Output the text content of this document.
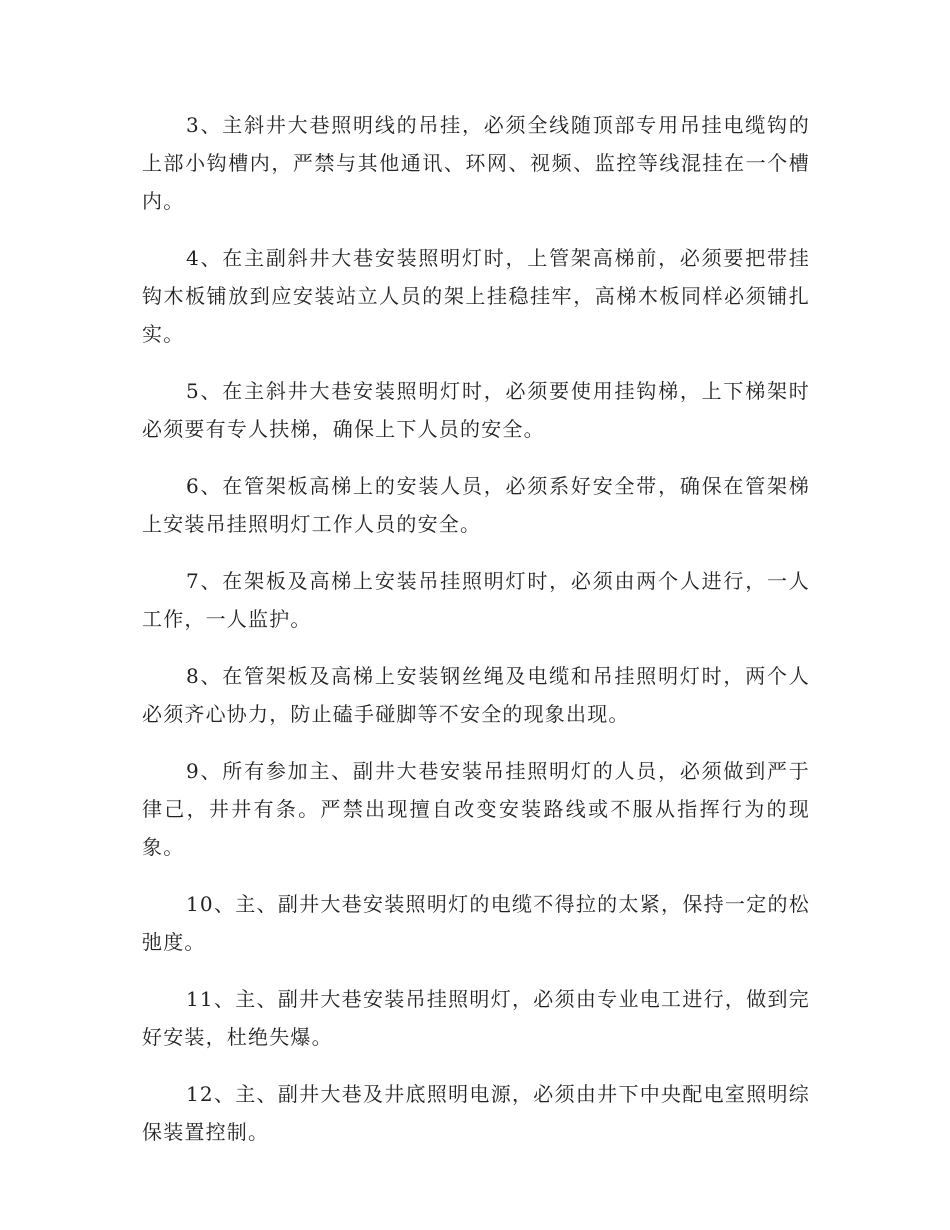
3、主斜井大巷照明线的吊挂，必须全线随顶部专用吊挂电缆钩的上部小钩槽内，严禁与其他通讯、环网、视频、监控等线混挂在一个槽内。

4、在主副斜井大巷安装照明灯时，上管架高梯前，必须要把带挂钩木板铺放到应安装站立人员的架上挂稳挂牢，高梯木板同样必须铺扎实。

5、在主斜井大巷安装照明灯时，必须要使用挂钩梯，上下梯架时必须要有专人扶梯，确保上下人员的安全。

6、在管架板高梯上的安装人员，必须系好安全带，确保在管架梯上安装吊挂照明灯工作人员的安全。

7、在架板及高梯上安装吊挂照明灯时，必须由两个人进行，一人工作，一人监护。

8、在管架板及高梯上安装钢丝绳及电缆和吊挂照明灯时，两个人必须齐心协力，防止磕手碰脚等不安全的现象出现。

9、所有参加主、副井大巷安装吊挂照明灯的人员，必须做到严于律己，井井有条。严禁出现擅自改变安装路线或不服从指挥行为的现象。

10、主、副井大巷安装照明灯的电缆不得拉的太紧，保持一定的松弛度。

11、主、副井大巷安装吊挂照明灯，必须由专业电工进行，做到完好安装，杜绝失爆。

12、主、副井大巷及井底照明电源，必须由井下中央配电室照明综保装置控制。
